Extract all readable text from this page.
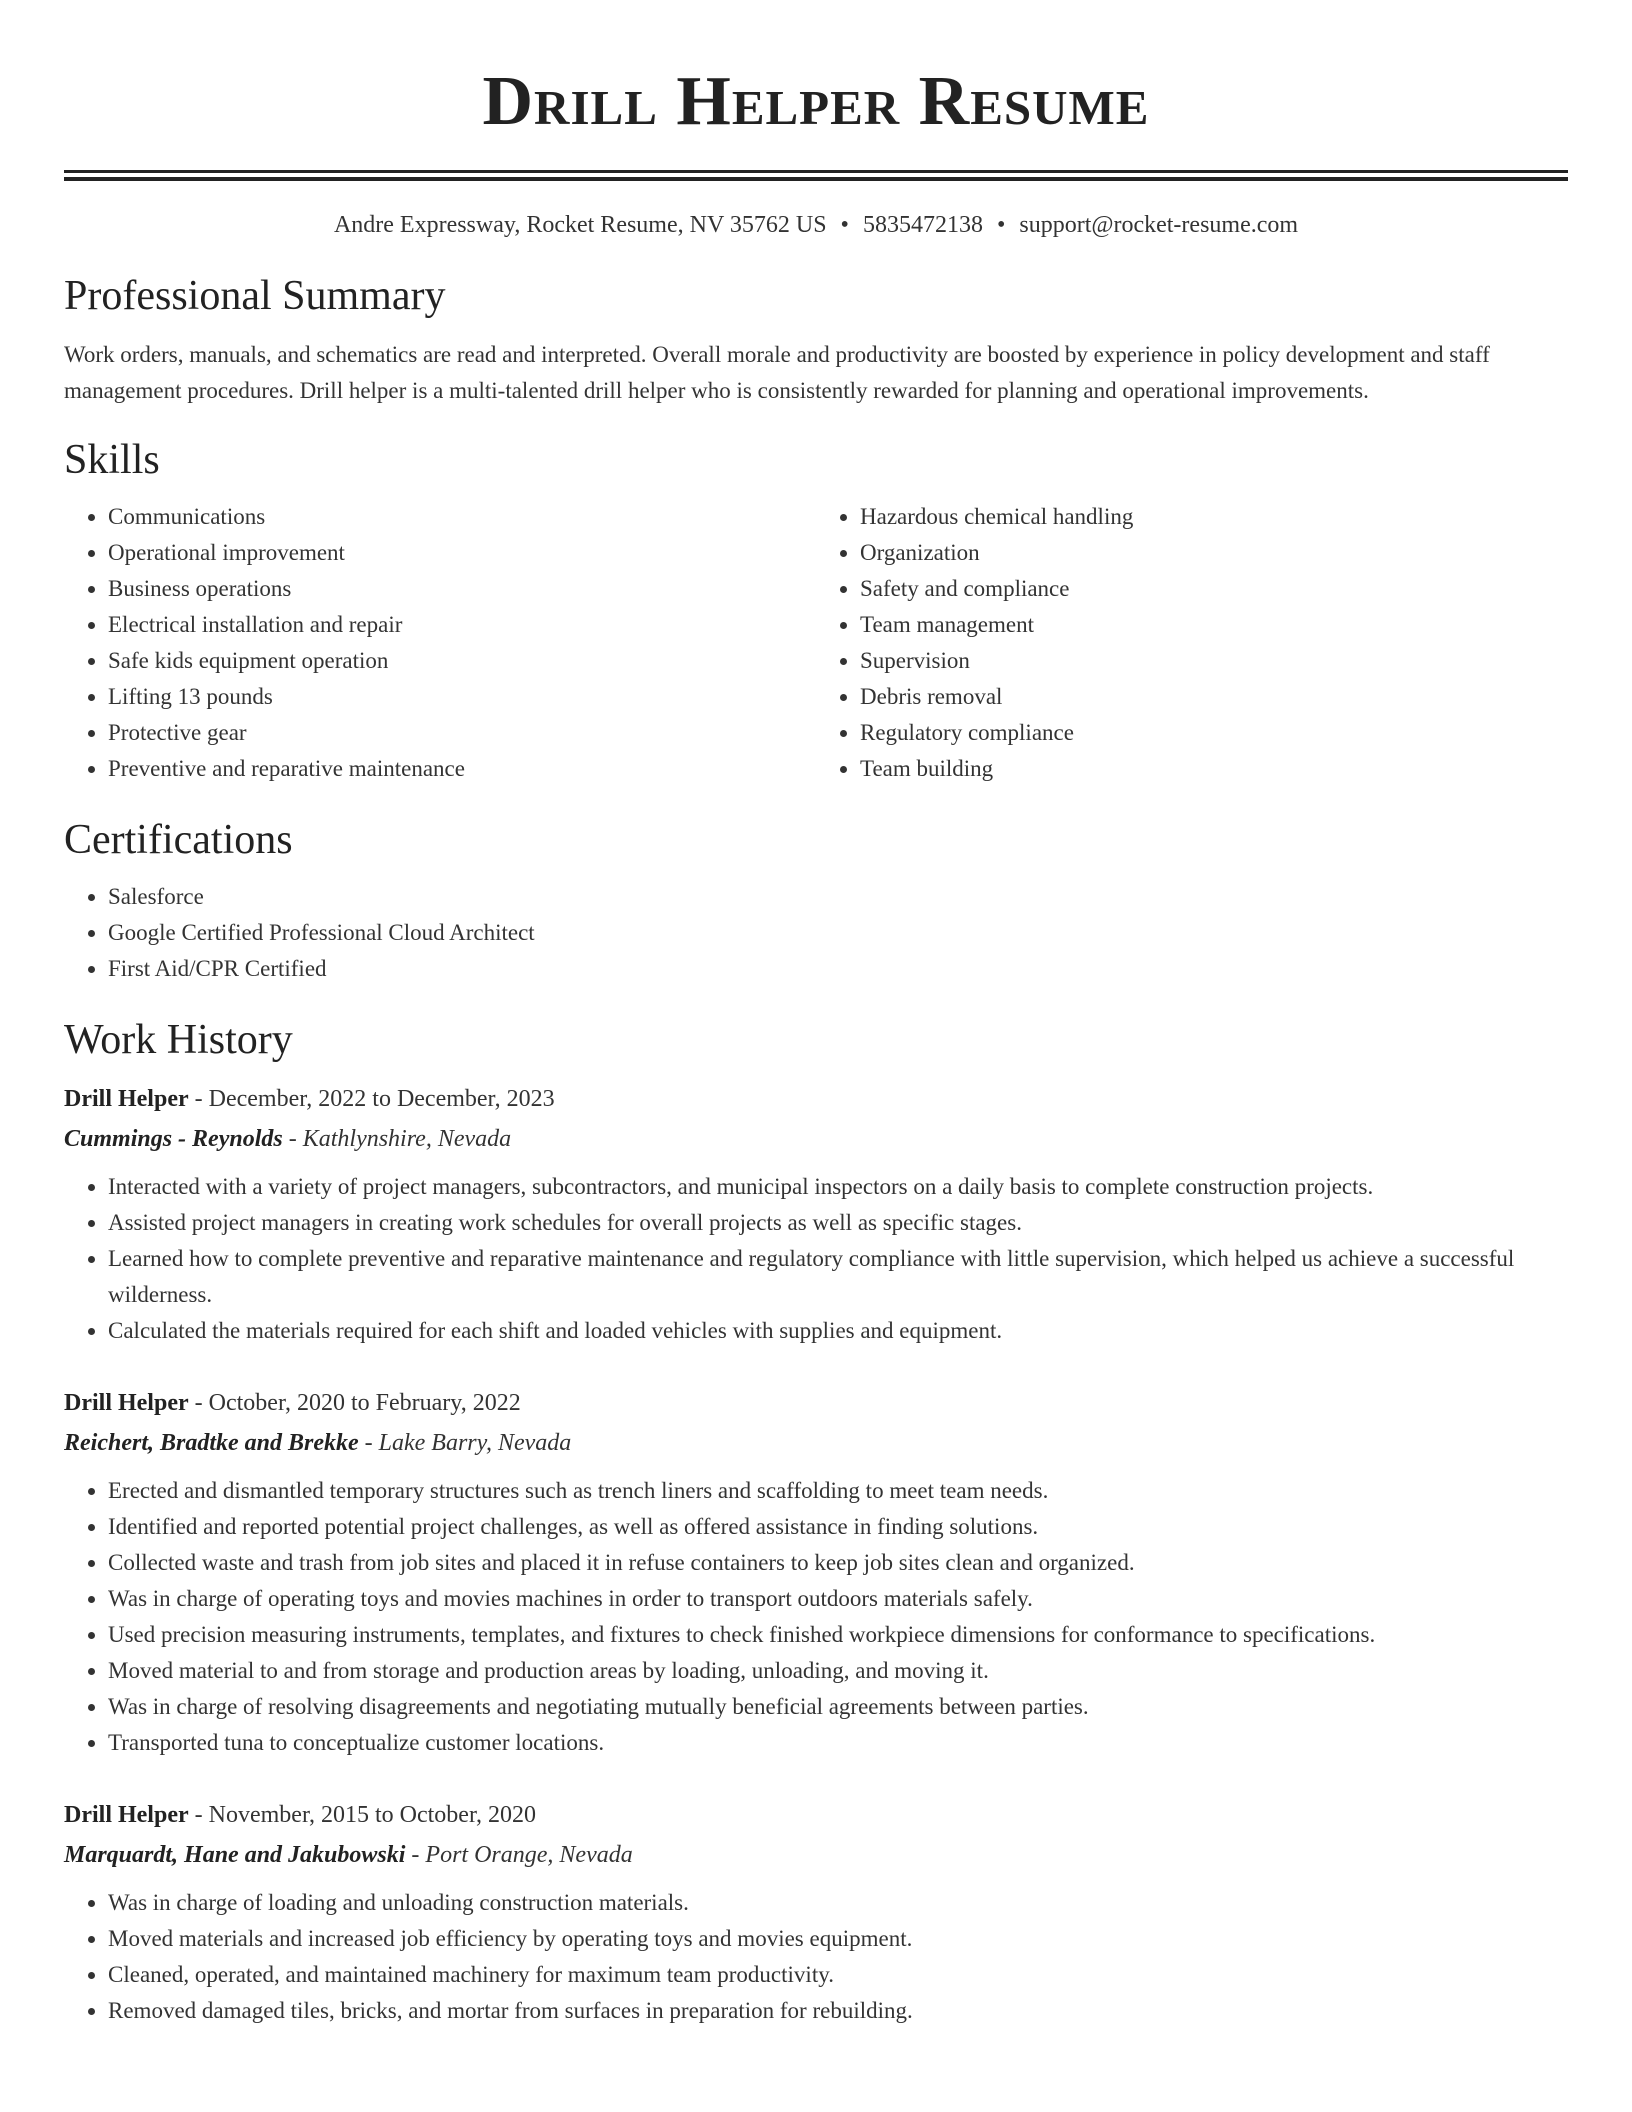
Drill Helper Resume
Andre Expressway, Rocket Resume, NV 35762 US • 5835472138 • support@rocket-resume.com
Professional Summary
Work orders, manuals, and schematics are read and interpreted. Overall morale and productivity are boosted by experience in policy development and staff management procedures. Drill helper is a multi-talented drill helper who is consistently rewarded for planning and operational improvements.
Skills
• Communications
• Operational improvement
• Business operations
• Electrical installation and repair
• Safe kids equipment operation
• Lifting 13 pounds
• Protective gear
• Preventive and reparative maintenance
• Hazardous chemical handling
• Organization
• Safety and compliance
• Team management
• Supervision
• Debris removal
• Regulatory compliance
• Team building
Certifications
• Salesforce
• Google Certified Professional Cloud Architect
• First Aid/CPR Certified
Work History
Drill Helper - December, 2022 to December, 2023
Cummings - Reynolds - Kathlynshire, Nevada
• Interacted with a variety of project managers, subcontractors, and municipal inspectors on a daily basis to complete construction projects.
• Assisted project managers in creating work schedules for overall projects as well as specific stages.
• Learned how to complete preventive and reparative maintenance and regulatory compliance with little supervision, which helped us achieve a successful wilderness.
• Calculated the materials required for each shift and loaded vehicles with supplies and equipment.
Drill Helper - October, 2020 to February, 2022
Reichert, Bradtke and Brekke - Lake Barry, Nevada
• Erected and dismantled temporary structures such as trench liners and scaffolding to meet team needs.
• Identified and reported potential project challenges, as well as offered assistance in finding solutions.
• Collected waste and trash from job sites and placed it in refuse containers to keep job sites clean and organized.
• Was in charge of operating toys and movies machines in order to transport outdoors materials safely.
• Used precision measuring instruments, templates, and fixtures to check finished workpiece dimensions for conformance to specifications.
• Moved material to and from storage and production areas by loading, unloading, and moving it.
• Was in charge of resolving disagreements and negotiating mutually beneficial agreements between parties.
• Transported tuna to conceptualize customer locations.
Drill Helper - November, 2015 to October, 2020
Marquardt, Hane and Jakubowski - Port Orange, Nevada
• Was in charge of loading and unloading construction materials.
• Moved materials and increased job efficiency by operating toys and movies equipment.
• Cleaned, operated, and maintained machinery for maximum team productivity.
• Removed damaged tiles, bricks, and mortar from surfaces in preparation for rebuilding.
